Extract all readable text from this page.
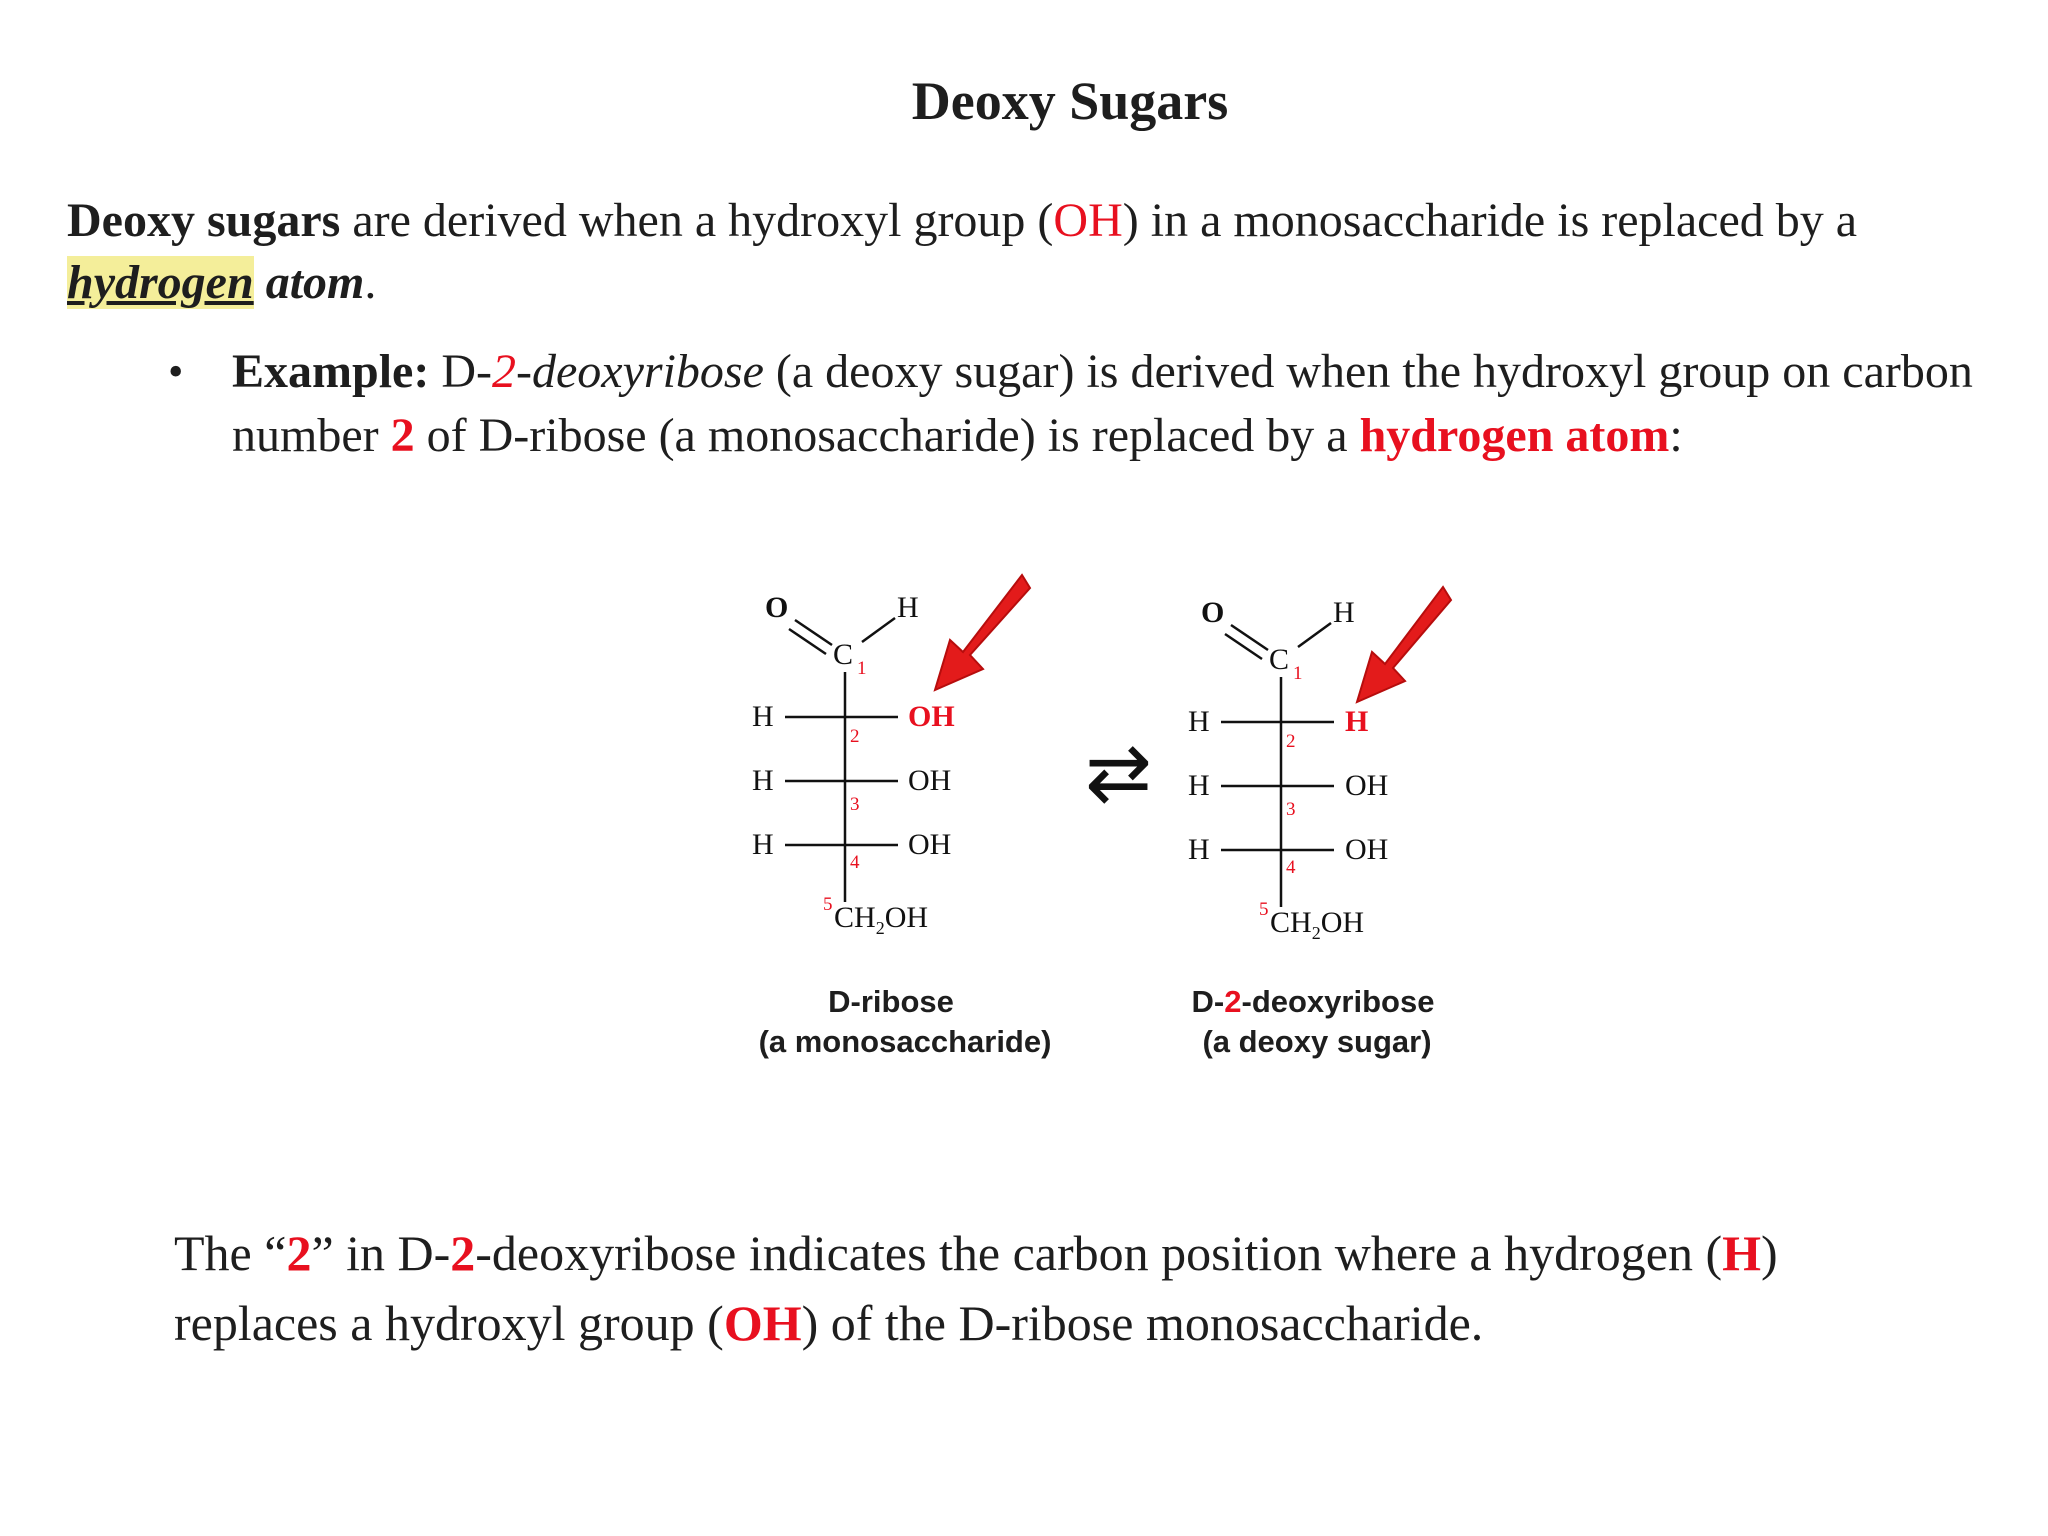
Deoxy Sugars
Deoxy sugars are derived when a hydroxyl group (OH) in a monosaccharide is replaced by a
hydrogen atom.
• Example: D-2-deoxyribose (a deoxy sugar) is derived when the hydroxyl group on carbon number 2 of D-ribose (a monosaccharide) is replaced by a hydrogen atom:
O
C 1
H
H	OH
2
H	OH
3
H	OH
4
5 $CH_2OH$
⇄
O
C 1
H
H	H
2
H	OH
3
H	OH
4
5 $CH_2OH$
D-ribose
(a monosaccharide)
D-2-deoxyribose
(a deoxy sugar)
The “2” in D-2-deoxyribose indicates the carbon position where a hydrogen (H)
replaces a hydroxyl group (OH) of the D-ribose monosaccharide.
